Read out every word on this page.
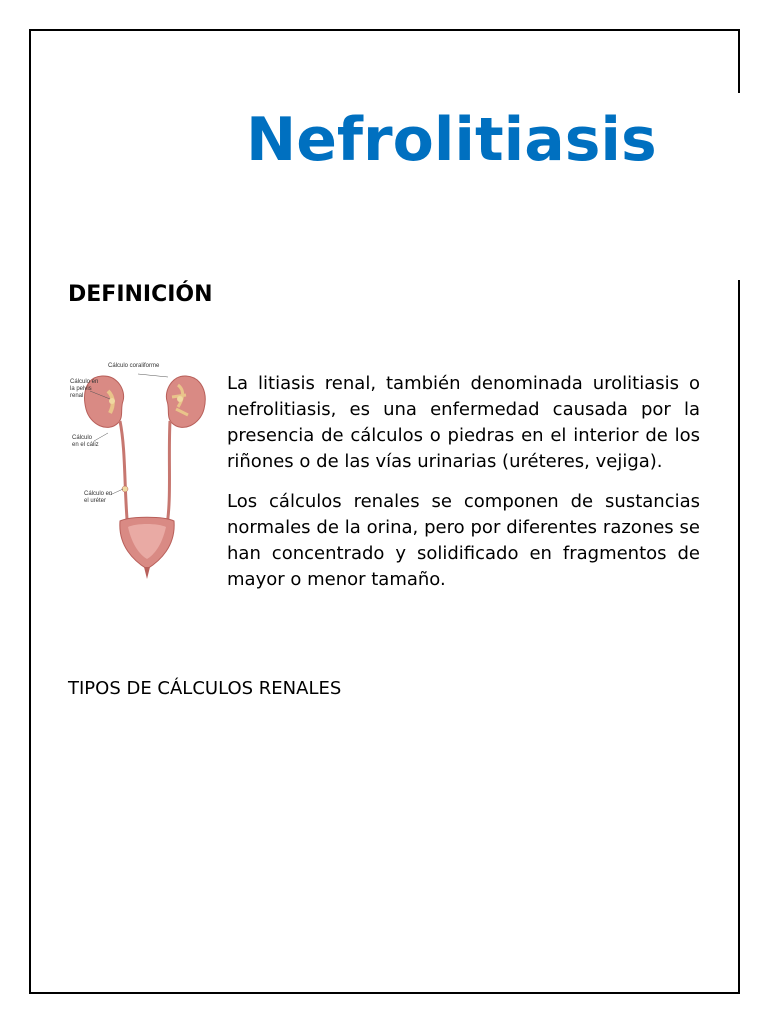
Nefrolitiasis
DEFINICIÓN
Cálculo coraliforme
Cálculo en
la pelvis
renal
Cálculo
en el cáliz
Cálculo en
el uréter

La litiasis renal, también denominada urolitiasis o nefrolitiasis, es una enfermedad causada por la presencia de cálculos o piedras en el interior de los riñones o de las vías urinarias (uréteres, vejiga).

Los cálculos renales se componen de sustancias normales de la orina, pero por diferentes razones se han concentrado y solidificado en fragmentos de mayor o menor tamaño.

TIPOS DE CÁLCULOS RENALES
